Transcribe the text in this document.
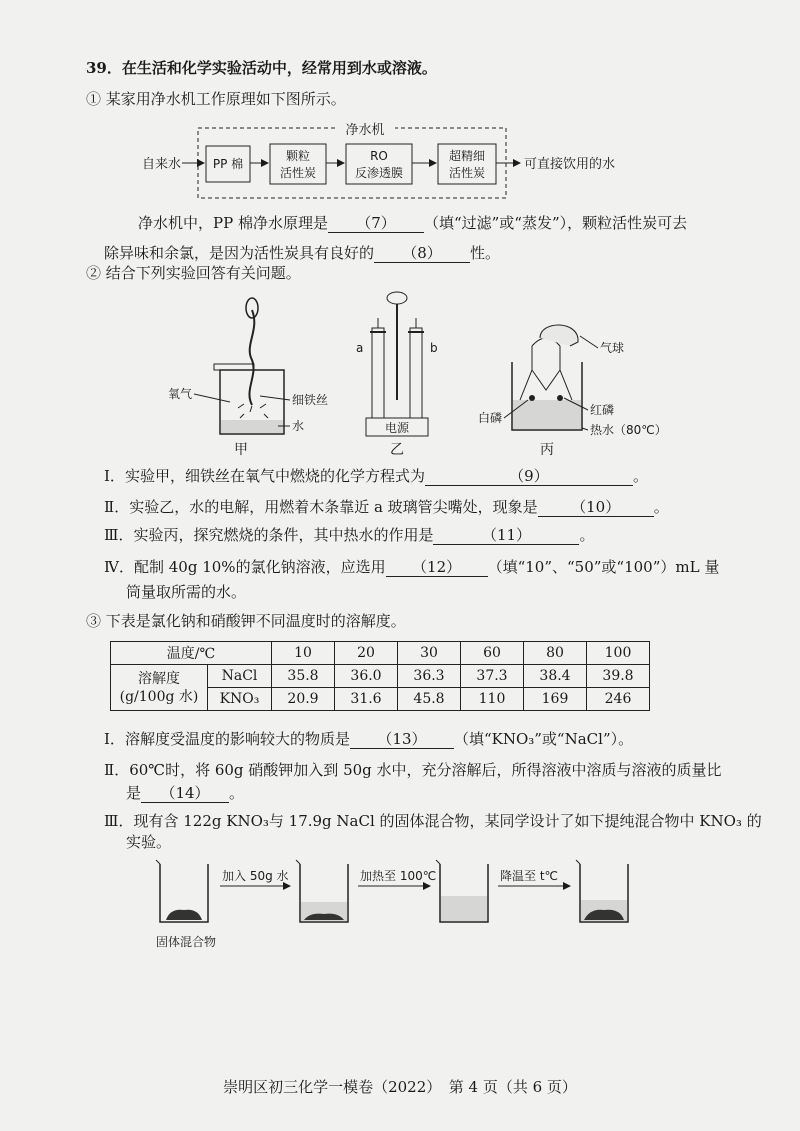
39．在生活和化学实验活动中，经常用到水或溶液。
① 某家用净水机工作原理如下图所示。
净水机
自来水	PP 棉
颗粒
活性炭
RO
反渗透膜
超精细
活性炭
可直接饮用的水
净水机中，PP 棉净水原理是 （7） （填“过滤”或“蒸发”），颗粒活性炭可去
除异味和余氯，是因为活性炭具有良好的 （8） 性。
② 结合下列实验回答有关问题。
氧气	细铁丝
水
甲
a	b
电源
乙
气球
红磷
白磷
热水（80℃）
丙
Ⅰ．实验甲，细铁丝在氧气中燃烧的化学方程式为	（9）	。
Ⅱ．实验乙，水的电解，用燃着木条靠近 a 玻璃管尖嘴处，现象是 （10） 。
Ⅲ．实验丙，探究燃烧的条件，其中热水的作用是	（11）	。
Ⅳ．配制 40g 10%的氯化钠溶液，应选用 （12） （填“10”、“50”或“100”）mL 量
筒量取所需的水。
③ 下表是氯化钠和硝酸钾不同温度时的溶解度。
温度/℃		10	20	30	60	80	100

溶解度
(g/100g 水)	NaCl	35.8	36.0	36.3	37.3	38.4	39.8
	KNO₃	20.9	31.6	45.8	110	169	246
Ⅰ．溶解度受温度的影响较大的物质是 （13） （填“KNO₃”或“NaCl”）。
Ⅱ．60℃时，将 60g 硝酸钾加入到 50g 水中，充分溶解后，所得溶液中溶质与溶液的质量比
是 （14） 。
Ⅲ．现有含 122g KNO₃与 17.9g NaCl 的固体混合物，某同学设计了如下提纯混合物中 KNO₃ 的
实验。
固体混合物
加入 50g 水	加热至 100℃	降温至 t℃
崇明区初三化学一模卷（2022）　第 4 页（共 6 页）
